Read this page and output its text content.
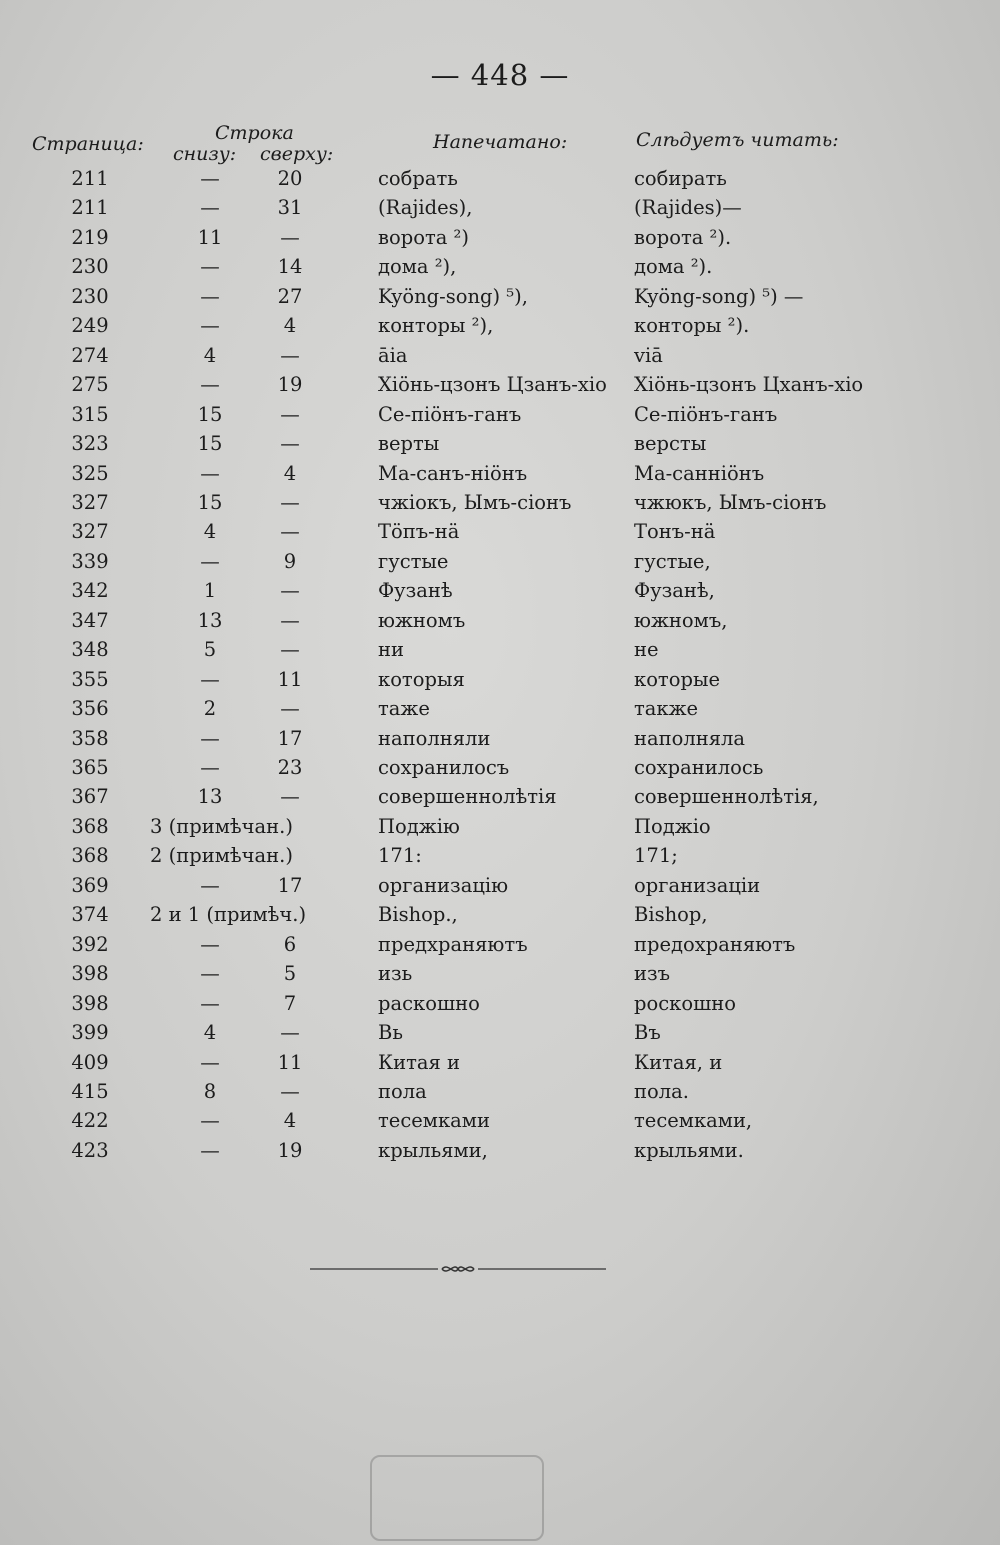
— 448 —
Страница:	Строка
снизу: сверху:
Напечатано:	Слѣдуетъ читать:
211	—	20	собрать	собирать
211	—	31	(Rajides),	(Rajides)—
219	11	—	ворота ²)	ворота ²).
230	—	14	дома ²),	дома ²).
230	—	27	Kyöng-song) ⁵),	Kyöng-song) ⁵) —
249	—	4	конторы ²),	конторы ²).
274	4	—	āia	viā
275	—	19	Хiöнь-цзонъ Цзанъ-хiо	Хiöнь-цзонъ Цханъ-хiо
315	15	—	Се-пiöнъ-ганъ	Се-пiöнъ-ганъ
323	15	—	верты	версты
325	—	4	Ма-санъ-нiöнъ	Ма-саннiöнъ
327	15	—	чжiокъ, Ымъ-сiонъ	чжюкъ, Ымъ-сiонъ
327	4	—	Тöпъ-нä	Тонъ-нä
339	—	9	густые	густые,
342	1	—	Фузанѣ	Фузанѣ,
347	13	—	южномъ	южномъ,
348	5	—	ни	не
355	—	11	которыя	которые
356	2	—	таже	также
358	—	17	наполняли	наполняла
365	—	23	сохранилосъ	сохранилось
367	13	—	совершеннолѣтiя	совершеннолѣтiя,
368	3 (примѣчан.)	Поджiю	Поджiо
368	2 (примѣчан.)	171:	171;
369	—	17	организацiю	организацiи
374	2 и 1 (примѣч.)	Bishop.,	Bishop,
392	—	6	предхраняютъ	предохраняютъ
398	—	5	изь	изъ
398	—	7	раскошно	роскошно
399	4	—	Вь	Въ
409	—	11	Китая и	Китая, и
415	8	—	пола	пола.
422	—	4	тесемками	тесемками,
423	—	19	крыльями,	крыльями.
